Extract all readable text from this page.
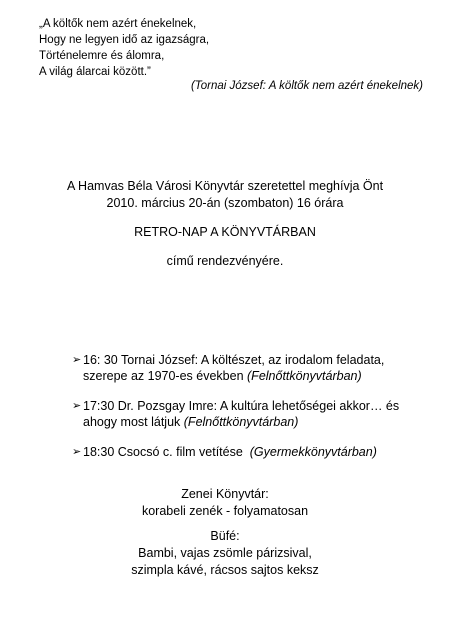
„A költők nem azért énekelnek,
Hogy ne legyen idő az igazságra,
Történelemre és álomra,
A világ álarcai között.”
(Tornai József: A költők nem azért énekelnek)
A Hamvas Béla Városi Könyvtár szeretettel meghívja Önt
2010. március 20-án (szombaton) 16 órára
RETRO-NAP A KÖNYVTÁRBAN
című rendezvényére.
➢ 16: 30 Tornai József: A költészet, az irodalom feladata, szerepe az 1970-es években (Felnőttkönyvtárban)
➢ 17:30 Dr. Pozsgay Imre: A kultúra lehetőségei akkor… és ahogy most látjuk (Felnőttkönyvtárban)
➢ 18:30 Csocsó c. film vetítése (Gyermekkönyvtárban)
Zenei Könyvtár:
korabeli zenék - folyamatosan
Büfé:
Bambi, vajas zsömle párizsival,
szimpla kávé, rácsos sajtos keksz
